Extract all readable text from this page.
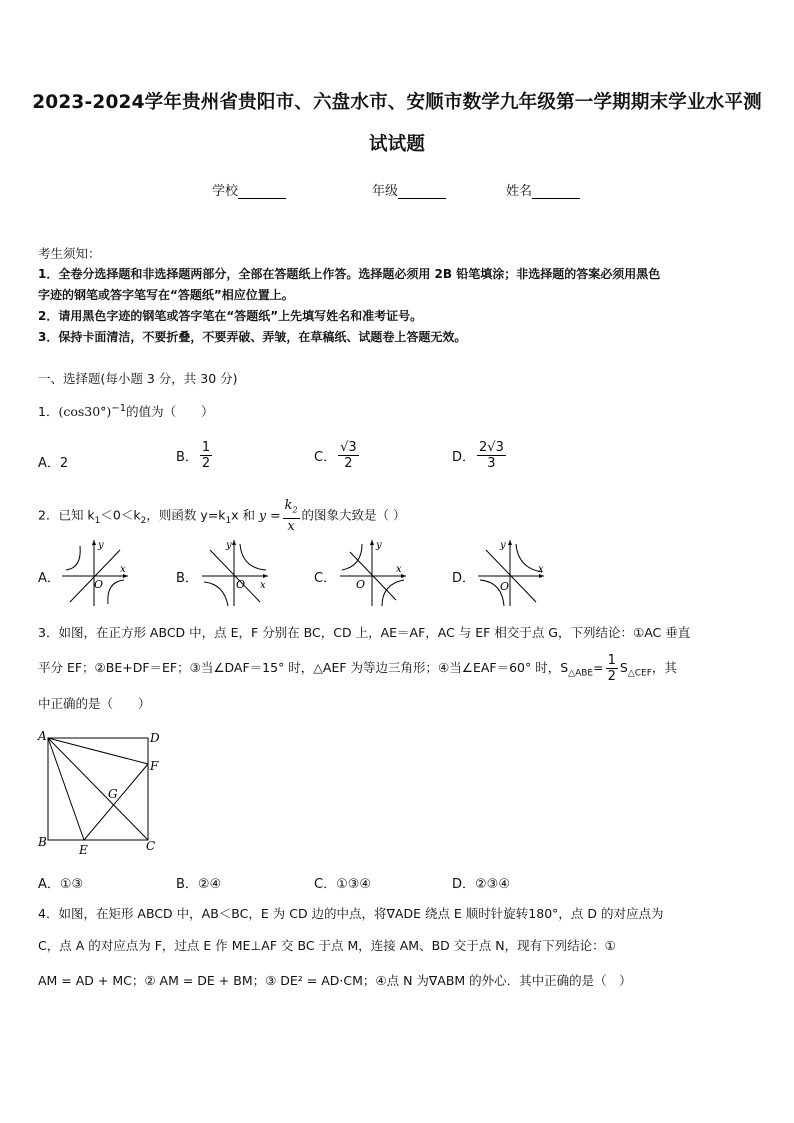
2023-2024学年贵州省贵阳市、六盘水市、安顺市数学九年级第一学期期末学业水平测
试试题
学校	年级	姓名
考生须知：
1．全卷分选择题和非选择题两部分，全部在答题纸上作答。选择题必须用 2B 铅笔填涂；非选择题的答案必须用黑色
字迹的钢笔或答字笔写在“答题纸”相应位置上。
2．请用黑色字迹的钢笔或答字笔在“答题纸”上先填写姓名和准考证号。
3．保持卡面清洁，不要折叠，不要弄破、弄皱，在草稿纸、试题卷上答题无效。
一、选择题(每小题 3 分，共 30 分)
1．$(\cos 30^\circ)^{-1}$的值为（　　）
A．2	B． $\frac{1}{2}$	C． $\frac{√3}{2}$	D． $\frac{2√3}{3}$
2．已知 $k_1<0<k_2$，则函数 $y=k_1x$ 和 $y = \frac{k_2}{x}$ 的图象大致是（ ）
A．	B．	C．	D．
x
y
O	x
y
O
x
y
O
x
y
O
3．如图，在正方形 ABCD 中，点 E，F 分别在 BC，CD 上，AE＝AF，AC 与 EF 相交于点 G，下列结论：①AC 垂直
平分 EF；②BE+DF＝EF；③当∠DAF＝15° 时，△AEF 为等边三角形；④当∠EAF＝60° 时，$S_{\triangle ABE}= \frac{1}{2} S_{\triangle CEF}$，其
中正确的是（　　）
A	D
F
G
B
E	C
A．①③	B．②④	C．①③④	D．②③④
4．如图，在矩形 ABCD 中，AB＜BC，E 为 CD 边的中点，将∇ADE 绕点 E 顺时针旋转180°，点 D 的对应点为
C，点 A 的对应点为 F，过点 E 作 ME⊥AF 交 BC 于点 M，连接 AM、BD 交于点 N，现有下列结论：①
AM = AD + MC；② AM = DE + BM；③ DE² = AD·CM；④点 N 为∇ABM 的外心．其中正确的是（　）
